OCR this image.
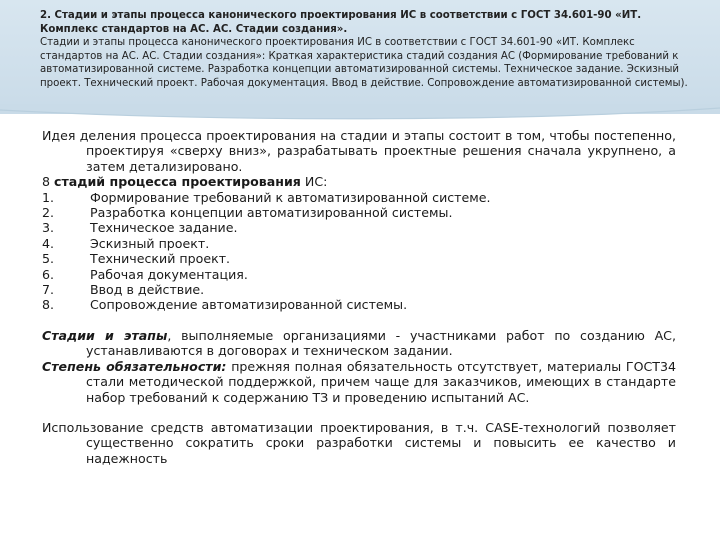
2. Стадии и этапы процесса канонического проектирования ИС в соответствии с ГОСТ 34.601-90 «ИТ. Комплекс стандартов на АС. АС. Стадии создания».
Стадии и этапы процесса канонического проектирования ИС в соответствии с ГОСТ 34.601-90 «ИТ. Комплекс стандартов на АС. АС. Стадии создания»: Краткая характеристика стадий создания АС (Формирование требований к автоматизированной системе. Разработка концепции автоматизированной системы. Техническое задание. Эскизный проект. Технический проект. Рабочая документация. Ввод в действие. Сопровождение автоматизированной системы).

Идея деления процесса проектирования на стадии и этапы состоит в том, чтобы постепенно, проектируя «сверху вниз», разрабатывать проектные решения сначала укрупнено, а затем детализировано.

8 стадий процесса проектирования ИС:
1.	Формирование требований к автоматизированной системе.
2.	Разработка концепции автоматизированной системы.
3.	Техническое задание.
4.	Эскизный проект.
5.	Технический проект.
6.	Рабочая документация.
7.	Ввод в действие.
8.	Сопровождение автоматизированной системы.

Стадии и этапы, выполняемые организациями - участниками работ по созданию АС, устанавливаются в договорах и техническом задании.

Степень обязательности: прежняя полная обязательность отсутствует, материалы ГОСТ34 стали методической поддержкой, причем чаще для заказчиков, имеющих в стандарте набор требований к содержанию ТЗ и проведению испытаний АС.

Использование средств автоматизации проектирования, в т.ч. CASE-технологий позволяет существенно сократить сроки разработки системы и повысить ее качество и надежность
